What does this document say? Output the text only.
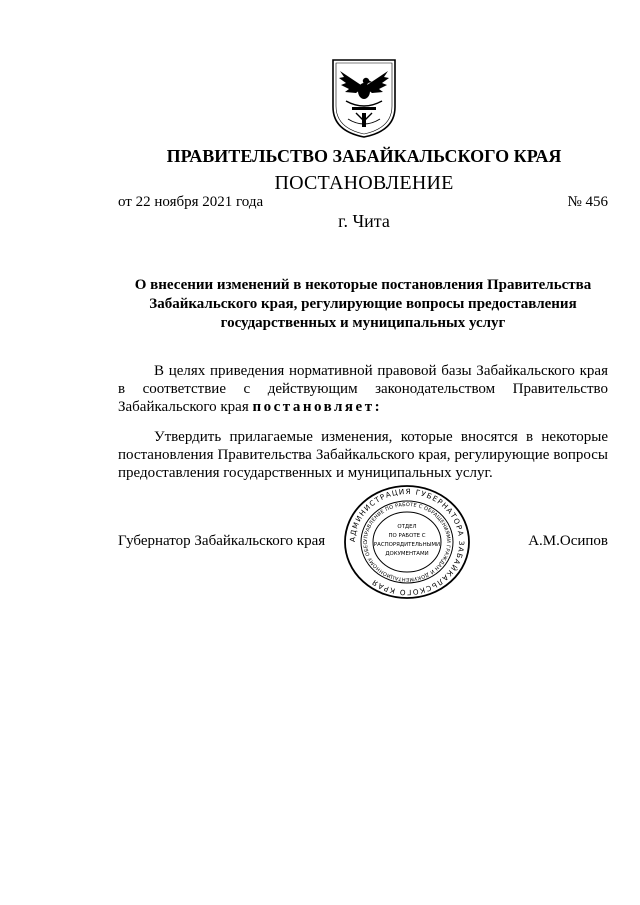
ПРАВИТЕЛЬСТВО ЗАБАЙКАЛЬСКОГО КРАЯ
ПОСТАНОВЛЕНИЕ
от 22 ноября 2021 года	№ 456
г. Чита
О внесении изменений в некоторые постановления Правительства
Забайкальского края, регулирующие вопросы предоставления
государственных и муниципальных услуг
В целях приведения нормативной правовой базы Забайкальского края в соответствие с действующим законодательством Правительство Забайкальского края постановляет:
Утвердить прилагаемые изменения, которые вносятся в некоторые постановления Правительства Забайкальского края, регулирующие вопросы предоставления государственных и муниципальных услуг.
Губернатор Забайкальского края	А.М.Осипов
АДМИНИСТРАЦИЯ ГУБЕРНАТОРА ЗАБАЙКАЛЬСКОГО КРАЯ
УПРАВЛЕНИЕ ПО РАБОТЕ С ОБРАЩЕНИЯМИ ГРАЖДАН И ДОКУМЕНТАЦИОННОМУ ОБЕС
ОТДЕЛ
ПО РАБОТЕ С
РАСПОРЯДИТЕЛЬНЫМИ
ДОКУМЕНТАМИ
